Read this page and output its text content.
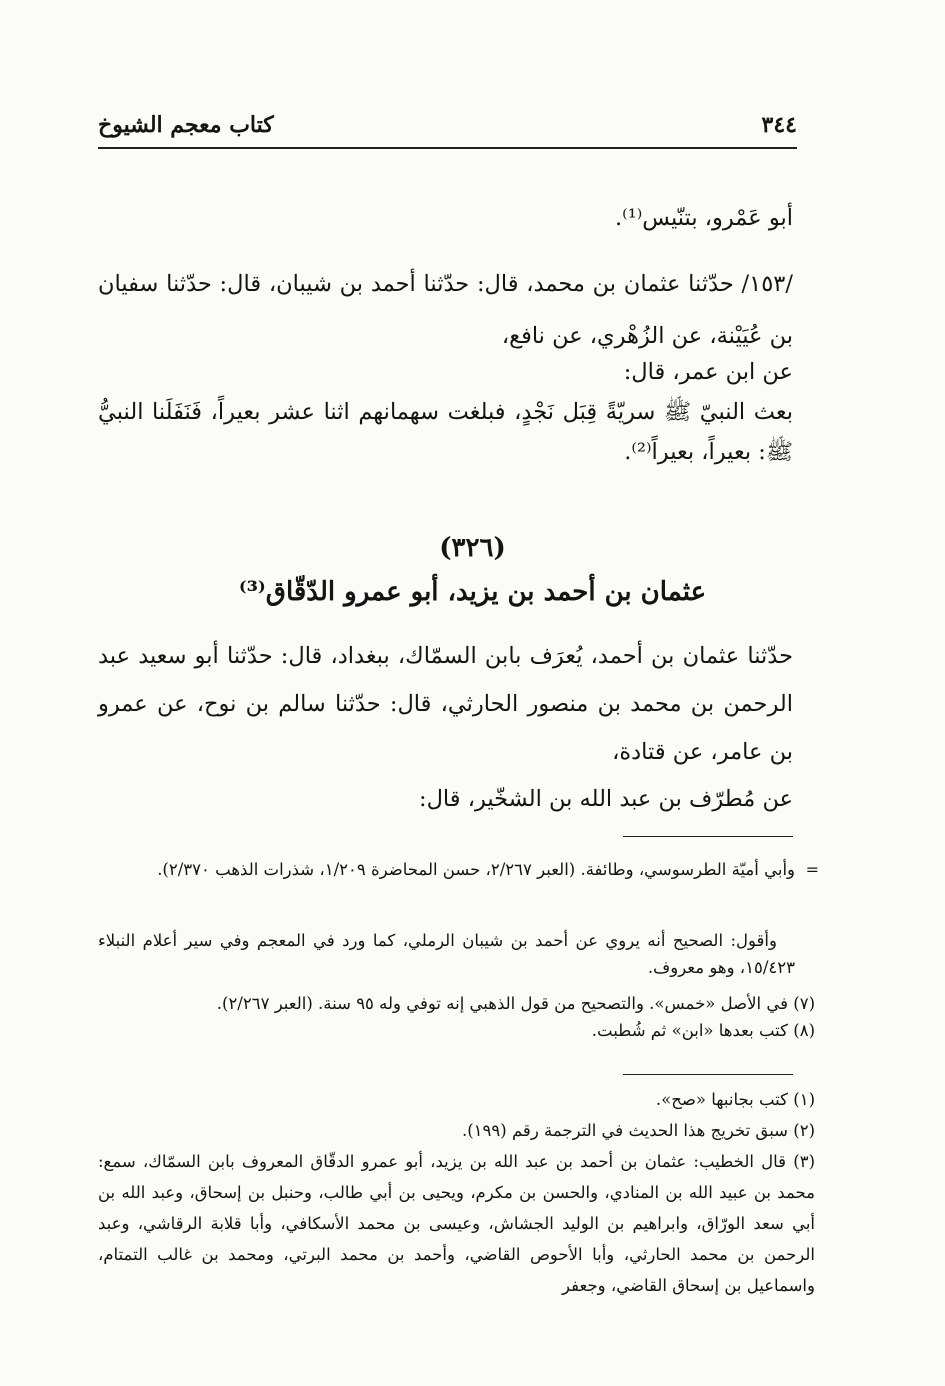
٣٤٤
كتاب معجم الشيوخ

أبو عَمْرو، بتنّيس⁽¹⁾.

/١٥٣/ حدّثنا عثمان بن محمد، قال: حدّثنا أحمد بن شيبان، قال: حدّثنا سفيان بن عُيَيْنة، عن الزُهْري، عن نافع،

عن ابن عمر، قال:

بعث النبيّ ﷺ سريّةً قِبَل نَجْدٍ، فبلغت سهمانهم اثنا عشر بعيراً، فَنَفَلَنا النبيُّ ﷺ: بعيراً، بعيراً⁽²⁾.

(٣٢٦)
عثمان بن أحمد بن يزيد، أبو عمرو الدّقّاق⁽³⁾

حدّثنا عثمان بن أحمد، يُعرَف بابن السمّاك، ببغداد، قال: حدّثنا أبو سعيد عبد الرحمن بن محمد بن منصور الحارثي، قال: حدّثنا سالم بن نوح، عن عمرو بن عامر، عن قتادة،

عن مُطرّف بن عبد الله بن الشخّير، قال:

=

وأبي أميّة الطرسوسي، وطائفة. (العبر ٢/٢٦٧، حسن المحاضرة ١/٢٠٩، شذرات الذهب ٢/٣٧٠).

وأقول: الصحيح أنه يروي عن أحمد بن شيبان الرملي، كما ورد في المعجم وفي سير أعلام النبلاء ١٥/٤٢٣، وهو معروف.

(٧) في الأصل «خمس». والتصحيح من قول الذهبي إنه توفي وله ٩٥ سنة. (العبر ٢/٢٦٧).

(٨) كتب بعدها «ابن» ثم شُطبت.

(١) كتب بجانبها «صح».

(٢) سبق تخريج هذا الحديث في الترجمة رقم (١٩٩).

(٣) قال الخطيب: عثمان بن أحمد بن عبد الله بن يزيد، أبو عمرو الدقّاق المعروف بابن السمّاك، سمع: محمد بن عبيد الله بن المنادي، والحسن بن مكرم، ويحيى بن أبي طالب، وحنبل بن إسحاق، وعبد الله بن أبي سعد الورّاق، وابراهيم بن الوليد الجشاش، وعيسى بن محمد الأسكافي، وأبا قلابة الرقاشي، وعبد الرحمن بن محمد الحارثي، وأبا الأحوص القاضي، وأحمد بن محمد البرتي، ومحمد بن غالب التمتام، واسماعيل بن إسحاق القاضي، وجعفر
